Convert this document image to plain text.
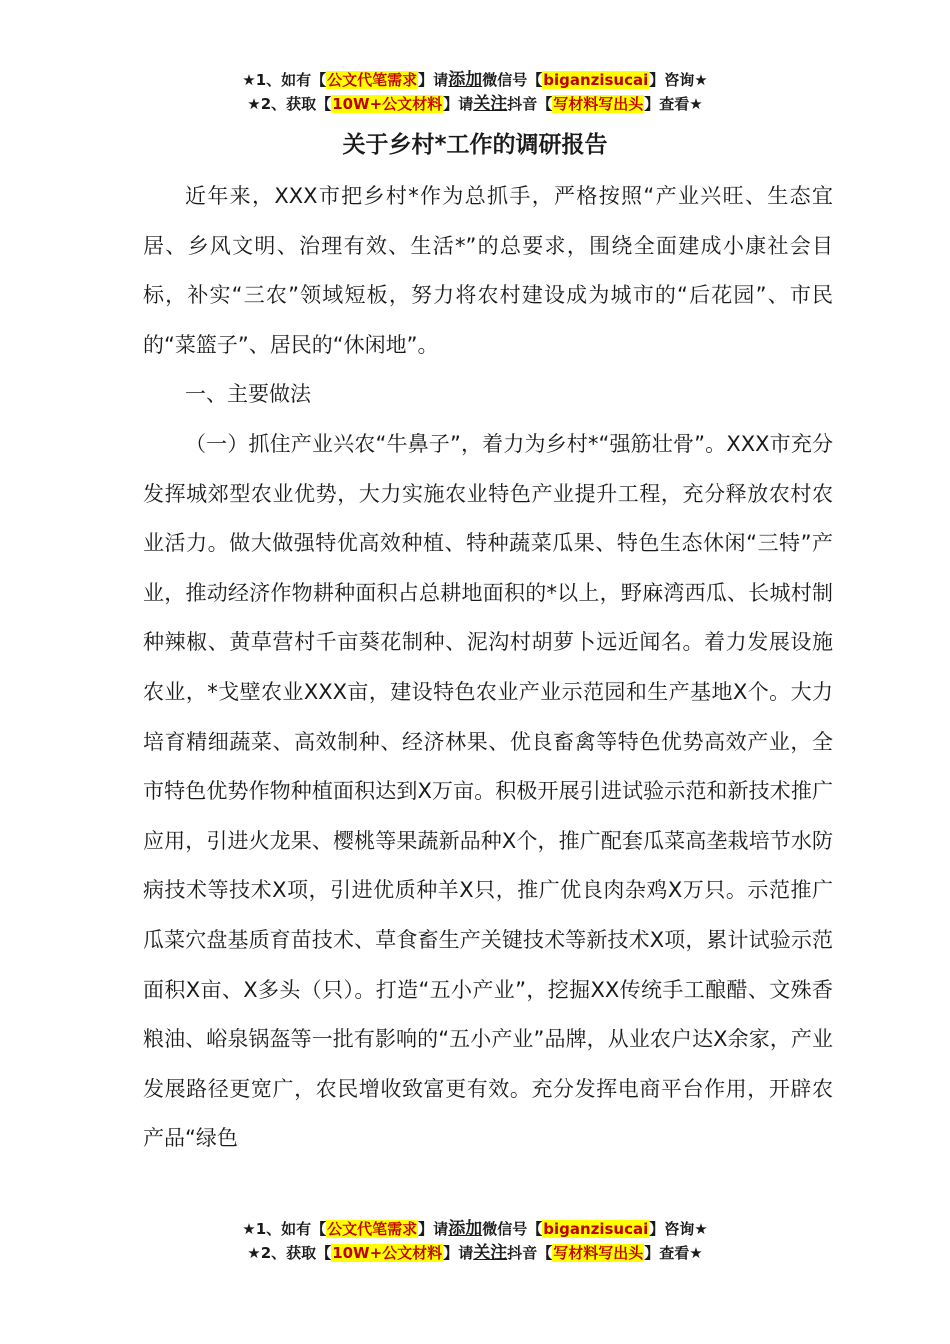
★1、如有【公文代笔需求】请添加微信号【biganzisucai】咨询★
★2、获取【10W+公文材料】请关注抖音【写材料写出头】查看★
关于乡村*工作的调研报告

近年来，XXX市把乡村*作为总抓手，严格按照“产业兴旺、生态宜居、乡风文明、治理有效、生活*”的总要求，围绕全面建成小康社会目标，补实“三农”领域短板，努力将农村建设成为城市的“后花园”、市民的“菜篮子”、居民的“休闲地”。

一、主要做法

（一）抓住产业兴农“牛鼻子”，着力为乡村*“强筋壮骨”。XXX市充分发挥城郊型农业优势，大力实施农业特色产业提升工程，充分释放农村农业活力。做大做强特优高效种植、特种蔬菜瓜果、特色生态休闲“三特”产业，推动经济作物耕种面积占总耕地面积的*以上，野麻湾西瓜、长城村制种辣椒、黄草营村千亩葵花制种、泥沟村胡萝卜远近闻名。着力发展设施农业，*戈壁农业XXX亩，建设特色农业产业示范园和生产基地X个。大力培育精细蔬菜、高效制种、经济林果、优良畜禽等特色优势高效产业，全市特色优势作物种植面积达到X万亩。积极开展引进试验示范和新技术推广应用，引进火龙果、樱桃等果蔬新品种X个，推广配套瓜菜高垄栽培节水防病技术等技术X项，引进优质种羊X只，推广优良肉杂鸡X万只。示范推广瓜菜穴盘基质育苗技术、草食畜生产关键技术等新技术X项，累计试验示范面积X亩、X多头（只）。打造“五小产业”，挖掘XX传统手工酿醋、文殊香粮油、峪泉锅盔等一批有影响的“五小产业”品牌，从业农户达X余家，产业发展路径更宽广，农民增收致富更有效。充分发挥电商平台作用，开辟农产品“绿色

★1、如有【公文代笔需求】请添加微信号【biganzisucai】咨询★
★2、获取【10W+公文材料】请关注抖音【写材料写出头】查看★
